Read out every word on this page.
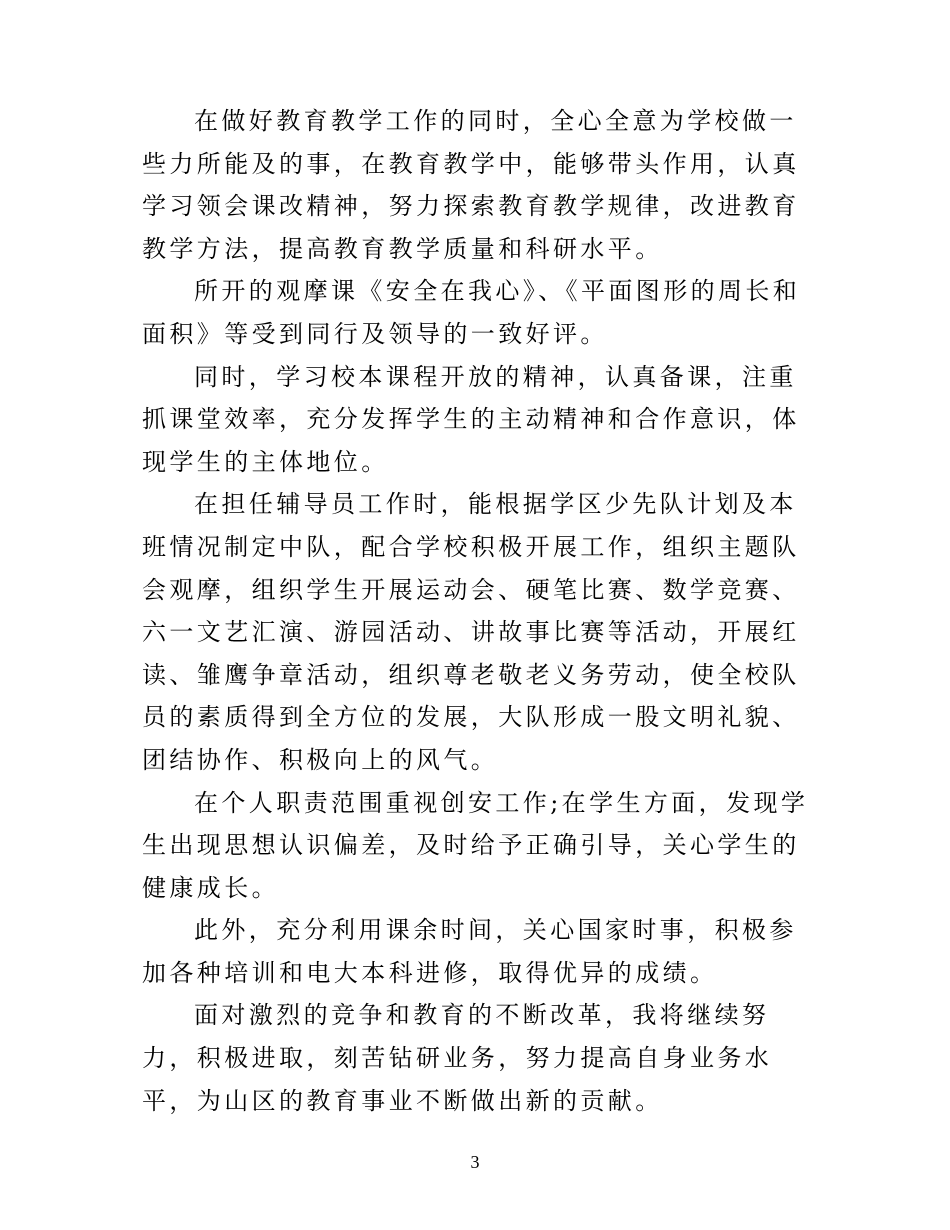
在做好教育教学工作的同时，全心全意为学校做一些力所能及的事，在教育教学中，能够带头作用，认真学习领会课改精神，努力探索教育教学规律，改进教育教学方法，提高教育教学质量和科研水平。

所开的观摩课《安全在我心》、《平面图形的周长和面积》等受到同行及领导的一致好评。

同时，学习校本课程开放的精神，认真备课，注重抓课堂效率，充分发挥学生的主动精神和合作意识，体现学生的主体地位。

在担任辅导员工作时，能根据学区少先队计划及本班情况制定中队，配合学校积极开展工作，组织主题队会观摩，组织学生开展运动会、硬笔比赛、数学竞赛、六一文艺汇演、游园活动、讲故事比赛等活动，开展红读、雏鹰争章活动，组织尊老敬老义务劳动，使全校队员的素质得到全方位的发展，大队形成一股文明礼貌、团结协作、积极向上的风气。

在个人职责范围重视创安工作;在学生方面，发现学生出现思想认识偏差，及时给予正确引导，关心学生的健康成长。

此外，充分利用课余时间，关心国家时事，积极参加各种培训和电大本科进修，取得优异的成绩。

面对激烈的竞争和教育的不断改革，我将继续努力，积极进取，刻苦钻研业务，努力提高自身业务水平，为山区的教育事业不断做出新的贡献。

3
